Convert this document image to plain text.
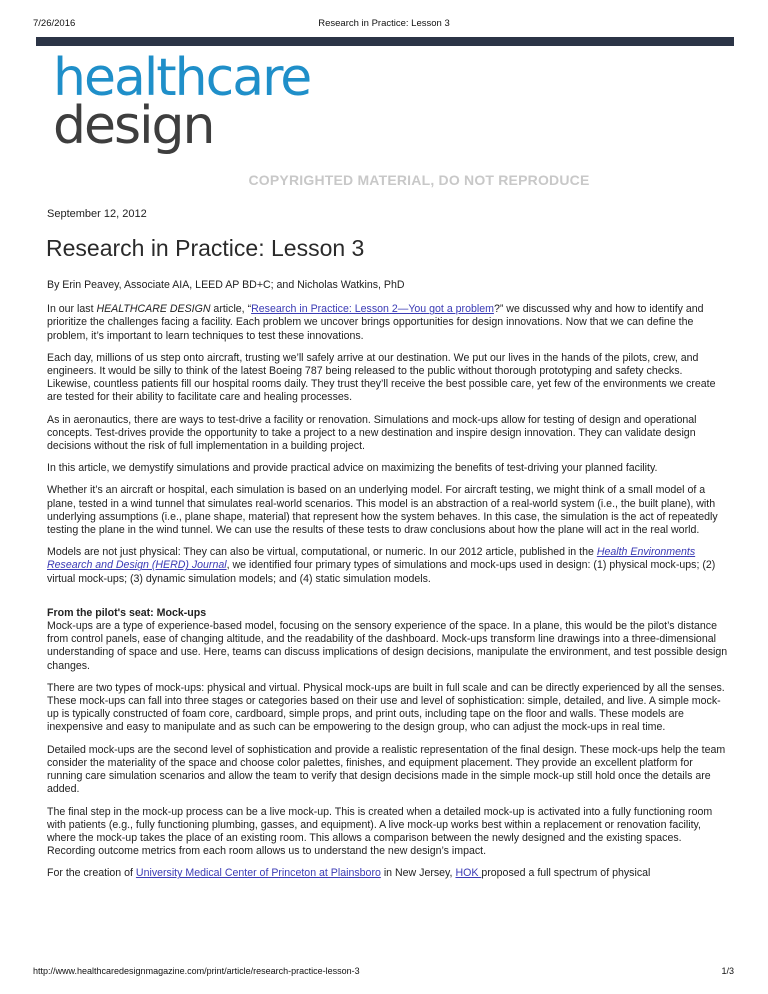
7/26/2016	Research in Practice: Lesson 3
healthcare
design
COPYRIGHTED MATERIAL, DO NOT REPRODUCE
September 12, 2012
Research in Practice: Lesson 3

By Erin Peavey, Associate AIA, LEED AP BD+C; and Nicholas Watkins, PhD

In our last HEALTHCARE DESIGN article, “Research in Practice: Lesson 2—You got a problem?” we discussed why and how to identify and prioritize the challenges facing a facility. Each problem we uncover brings opportunities for design innovations. Now that we can define the problem, it’s important to learn techniques to test these innovations.

Each day, millions of us step onto aircraft, trusting we’ll safely arrive at our destination. We put our lives in the hands of the pilots, crew, and engineers. It would be silly to think of the latest Boeing 787 being released to the public without thorough prototyping and safety checks. Likewise, countless patients fill our hospital rooms daily. They trust they’ll receive the best possible care, yet few of the environments we create are tested for their ability to facilitate care and healing processes.

As in aeronautics, there are ways to test-drive a facility or renovation. Simulations and mock-ups allow for testing of design and operational concepts. Test-drives provide the opportunity to take a project to a new destination and inspire design innovation. They can validate design decisions without the risk of full implementation in a building project.

In this article, we demystify simulations and provide practical advice on maximizing the benefits of test-driving your planned facility.

Whether it’s an aircraft or hospital, each simulation is based on an underlying model. For aircraft testing, we might think of a small model of a plane, tested in a wind tunnel that simulates real-world scenarios. This model is an abstraction of a real-world system (i.e., the built plane), with underlying assumptions (i.e., plane shape, material) that represent how the system behaves. In this case, the simulation is the act of repeatedly testing the plane in the wind tunnel. We can use the results of these tests to draw conclusions about how the plane will act in the real world.

Models are not just physical: They can also be virtual, computational, or numeric. In our 2012 article, published in the Health Environments Research and Design (HERD) Journal, we identified four primary types of simulations and mock-ups used in design: (1) physical mock-ups; (2) virtual mock-ups; (3) dynamic simulation models; and (4) static simulation models.

From the pilot's seat: Mock-ups
Mock-ups are a type of experience-based model, focusing on the sensory experience of the space. In a plane, this would be the pilot’s distance from control panels, ease of changing altitude, and the readability of the dashboard. Mock-ups transform line drawings into a three-dimensional understanding of space and use. Here, teams can discuss implications of design decisions, manipulate the environment, and test possible design changes.

There are two types of mock-ups: physical and virtual. Physical mock-ups are built in full scale and can be directly experienced by all the senses. These mock-ups can fall into three stages or categories based on their use and level of sophistication: simple, detailed, and live. A simple mock-up is typically constructed of foam core, cardboard, simple props, and print outs, including tape on the floor and walls. These models are inexpensive and easy to manipulate and as such can be empowering to the design group, who can adjust the mock-ups in real time.

Detailed mock-ups are the second level of sophistication and provide a realistic representation of the final design. These mock-ups help the team consider the materiality of the space and choose color palettes, finishes, and equipment placement. They provide an excellent platform for running care simulation scenarios and allow the team to verify that design decisions made in the simple mock-up still hold once the details are added.

The final step in the mock-up process can be a live mock-up. This is created when a detailed mock-up is activated into a fully functioning room with patients (e.g., fully functioning plumbing, gasses, and equipment). A live mock-up works best within a replacement or renovation facility, where the mock-up takes the place of an existing room. This allows a comparison between the newly designed and the existing spaces. Recording outcome metrics from each room allows us to understand the new design’s impact.

For the creation of University Medical Center of Princeton at Plainsboro in New Jersey, HOK proposed a full spectrum of physical

http://www.healthcaredesignmagazine.com/print/article/research-practice-lesson-3	1/3
